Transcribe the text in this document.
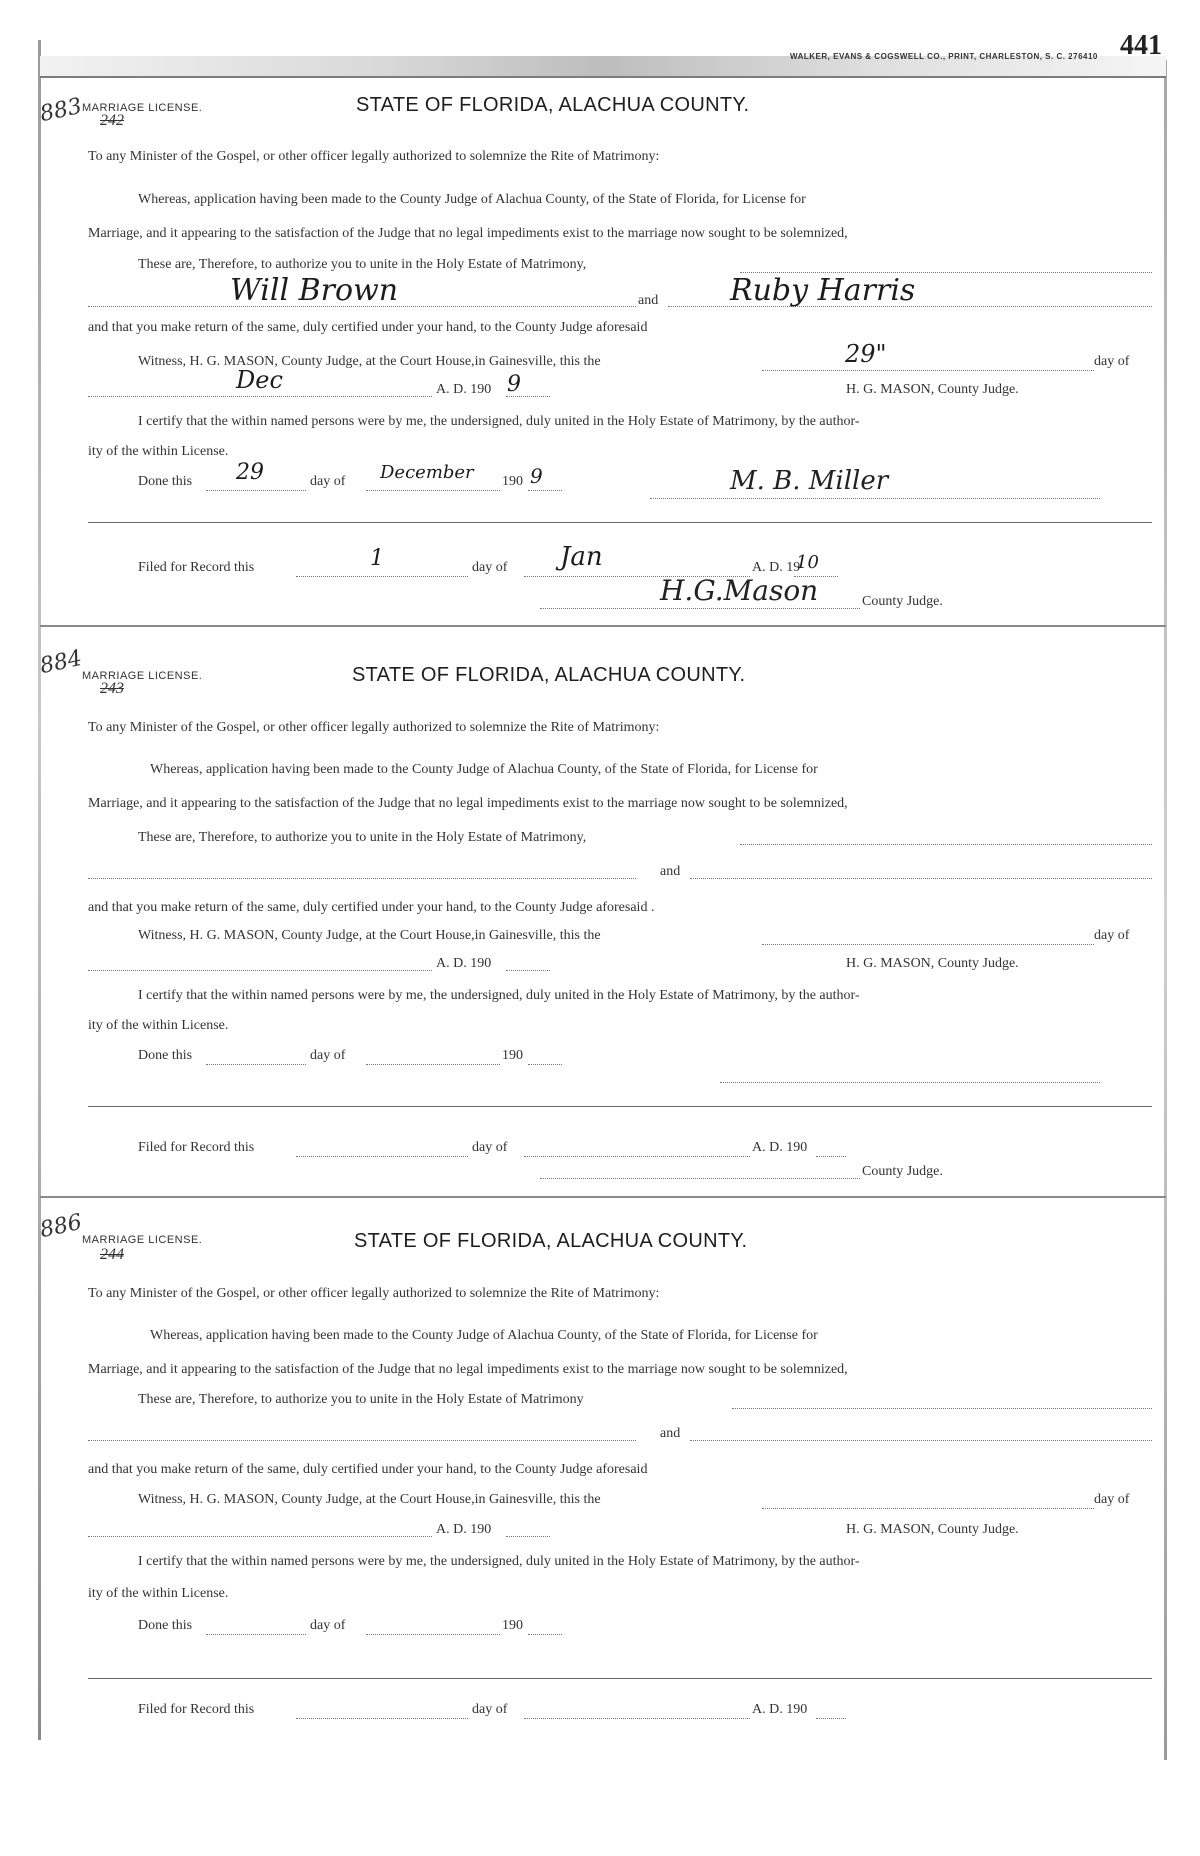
WALKER, EVANS & COGSWELL CO., PRINT, CHARLESTON, S. C. 276410 441
883
MARRIAGE LICENSE.
242
STATE OF FLORIDA, ALACHUA COUNTY.
To any Minister of the Gospel, or other officer legally authorized to solemnize the Rite of Matrimony:
Whereas, application having been made to the County Judge of Alachua County, of the State of Florida, for License for
Marriage, and it appearing to the satisfaction of the Judge that no legal impediments exist to the marriage now sought to be solemnized,
These are, Therefore, to authorize you to unite in the Holy Estate of Matrimony,
Will Brown	and Ruby Harris
and that you make return of the same, duly certified under your hand, to the County Judge aforesaid
Witness, H. G. MASON, County Judge, at the Court House,in Gainesville, this the	29"	day of
Dec	A. D. 190 9	H. G. MASON, County Judge.
I certify that the within named persons were by me, the undersigned, duly united in the Holy Estate of Matrimony, by the author-
ity of the within License.
Done this 29	day of December 190 9	M. B. Miller
Filed for Record this	1	day of Jan	A. D. 19
10
H.G.Mason	County Judge.
884
MARRIAGE LICENSE.
243
STATE OF FLORIDA, ALACHUA COUNTY.
To any Minister of the Gospel, or other officer legally authorized to solemnize the Rite of Matrimony:
Whereas, application having been made to the County Judge of Alachua County, of the State of Florida, for License for
Marriage, and it appearing to the satisfaction of the Judge that no legal impediments exist to the marriage now sought to be solemnized,
These are, Therefore, to authorize you to unite in the Holy Estate of Matrimony,
and
and that you make return of the same, duly certified under your hand, to the County Judge aforesaid .
Witness, H. G. MASON, County Judge, at the Court House,in Gainesville, this the	day of
A. D. 190	H. G. MASON, County Judge.
I certify that the within named persons were by me, the undersigned, duly united in the Holy Estate of Matrimony, by the author-
ity of the within License.
Done this	day of	190
Filed for Record this	day of	A. D. 190
County Judge.
886
MARRIAGE LICENSE.
244
STATE OF FLORIDA, ALACHUA COUNTY.
To any Minister of the Gospel, or other officer legally authorized to solemnize the Rite of Matrimony:
Whereas, application having been made to the County Judge of Alachua County, of the State of Florida, for License for
Marriage, and it appearing to the satisfaction of the Judge that no legal impediments exist to the marriage now sought to be solemnized,
These are, Therefore, to authorize you to unite in the Holy Estate of Matrimony
and
and that you make return of the same, duly certified under your hand, to the County Judge aforesaid
Witness, H. G. MASON, County Judge, at the Court House,in Gainesville, this the	day of
A. D. 190	H. G. MASON, County Judge.
I certify that the within named persons were by me, the undersigned, duly united in the Holy Estate of Matrimony, by the author-
ity of the within License.
Done this	day of	190
Filed for Record this	day of	A. D. 190
